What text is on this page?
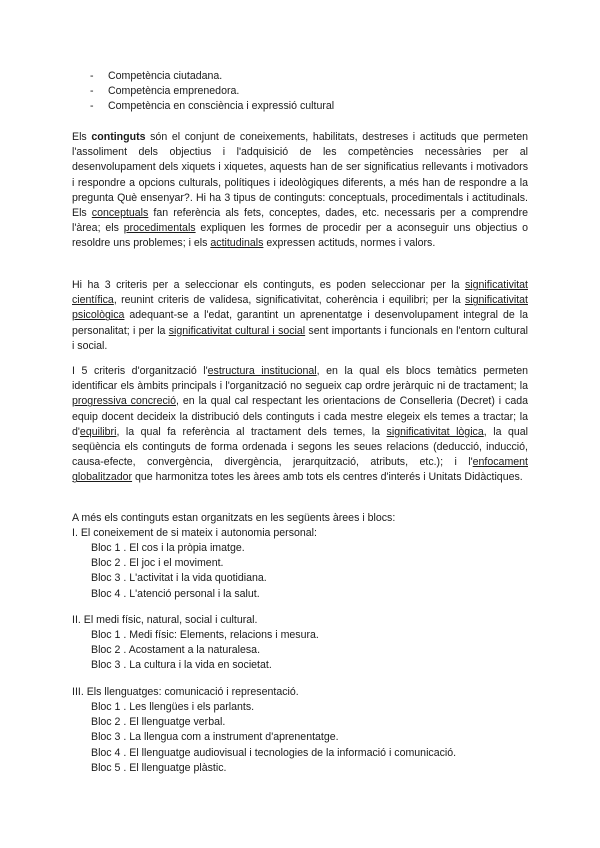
- Competència ciutadana.
- Competència emprenedora.
- Competència en consciència i expressió cultural

Els continguts són el conjunt de coneixements, habilitats, destreses i actituds que permeten l'assoliment dels objectius i l'adquisició de les competències necessàries per al desenvolupament dels xiquets i xiquetes, aquests han de ser significatius rellevants i motivadors i respondre a opcions culturals, polítiques i ideològiques diferents, a més han de respondre a la pregunta Què ensenyar?. Hi ha 3 tipus de continguts: conceptuals, procedimentals i actitudinals. Els conceptuals fan referència als fets, conceptes, dades, etc. necessaris per a comprendre l'àrea; els procedimentals expliquen les formes de procedir per a aconseguir uns objectius o resoldre uns problemes; i els actitudinals expressen actituds, normes i valors.

Hi ha 3 criteris per a seleccionar els continguts, es poden seleccionar per la significativitat científica, reunint criteris de validesa, significativitat, coherència i equilibri; per la significativitat psicològica adequant-se a l'edat, garantint un aprenentatge i desenvolupament integral de la personalitat; i per la significativitat cultural i social sent importants i funcionals en l'entorn cultural i social.

I 5 criteris d'organització l'estructura institucional, en la qual els blocs temàtics permeten identificar els àmbits principals i l'organització no segueix cap ordre jeràrquic ni de tractament; la progressiva concreció, en la qual cal respectant les orientacions de Conselleria (Decret) i cada equip docent decideix la distribució dels continguts i cada mestre elegeix els temes a tractar; la d'equilibri, la qual fa referència al tractament dels temes, la significativitat lògica, la qual seqüència els continguts de forma ordenada i segons les seues relacions (deducció, inducció, causa-efecte, convergència, divergència, jerarquització, atributs, etc.); i l'enfocament globalitzador que harmonitza totes les àrees amb tots els centres d'interés i Unitats Didàctiques.

A més els continguts estan organitzats en les següents àrees i blocs:

I. El coneixement de si mateix i autonomia personal:

Bloc 1 . El cos i la pròpia imatge.
Bloc 2 . El joc i el moviment.
Bloc 3 . L'activitat i la vida quotidiana.
Bloc 4 . L'atenció personal i la salut.

II. El medi físic, natural, social i cultural.

Bloc 1 . Medi físic: Elements, relacions i mesura.
Bloc 2 . Acostament a la naturalesa.
Bloc 3 . La cultura i la vida en societat.

III. Els llenguatges: comunicació i representació.

Bloc 1 . Les llengües i els parlants.
Bloc 2 . El llenguatge verbal.
Bloc 3 . La llengua com a instrument d'aprenentatge.
Bloc 4 . El llenguatge audiovisual i tecnologies de la informació i comunicació.
Bloc 5 . El llenguatge plàstic.
